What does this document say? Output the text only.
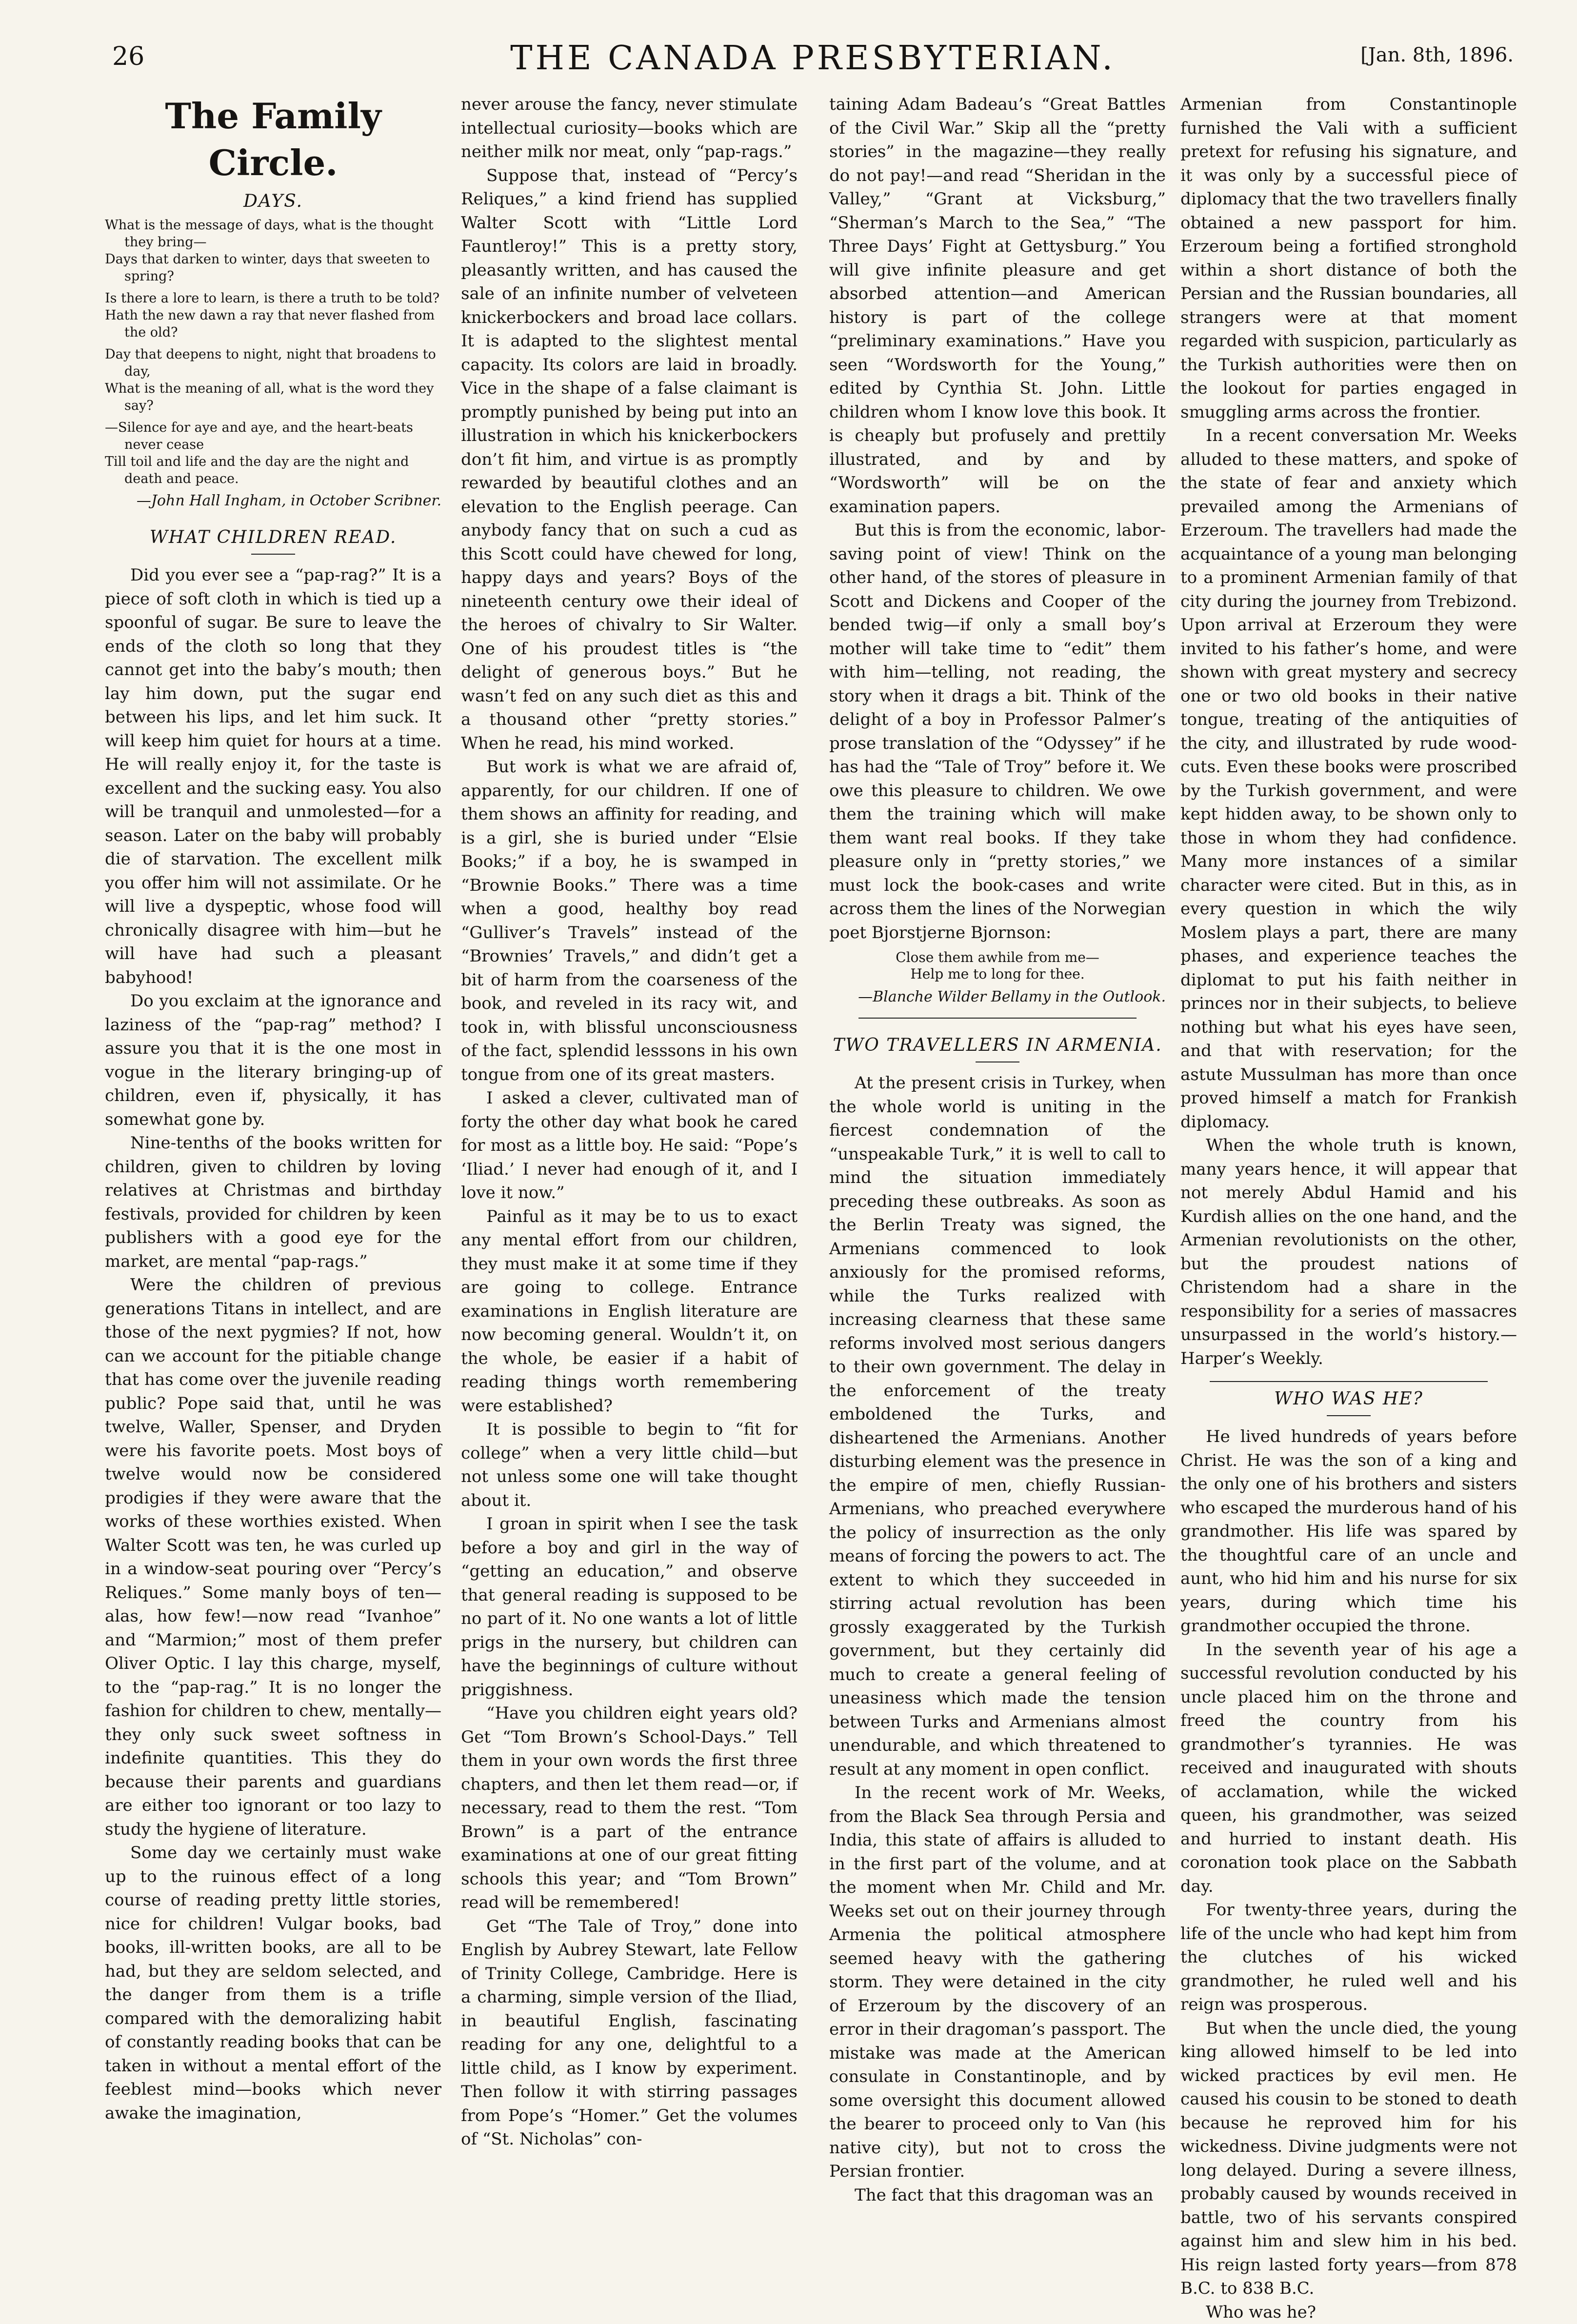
26	THE CANADA PRESBYTERIAN.	[Jan. 8th, 1896.
The Family Circle.
DAYS.
What is the message of days, what is the thought they bring—
Days that darken to winter, days that sweeten to spring?
Is there a lore to learn, is there a truth to be told?
Hath the new dawn a ray that never flashed from the old?
Day that deepens to night, night that broadens to day,
What is the meaning of all, what is the word they say?
—Silence for aye and aye, and the heart-beats never cease
Till toil and life and the day are the night and death and peace.
—John Hall Ingham, in October Scribner.
WHAT CHILDREN READ.

Did you ever see a “pap-rag?” It is a piece of soft cloth in which is tied up a spoonful of sugar. Be sure to leave the ends of the cloth so long that they cannot get into the baby’s mouth; then lay him down, put the sugar end between his lips, and let him suck. It will keep him quiet for hours at a time. He will really enjoy it, for the taste is excellent and the sucking easy. You also will be tranquil and unmolested—for a season. Later on the baby will probably die of starvation. The excellent milk you offer him will not assimilate. Or he will live a dyspeptic, whose food will chronically disagree with him—but he will have had such a pleasant babyhood!

Do you exclaim at the ignorance and laziness of the “pap-rag” method? I assure you that it is the one most in vogue in the literary bringing-up of children, even if, physically, it has somewhat gone by.

Nine-tenths of the books written for children, given to children by loving relatives at Christmas and birthday festivals, provided for children by keen publishers with a good eye for the market, are mental “pap-rags.”

Were the children of previous generations Titans in intellect, and are those of the next pygmies? If not, how can we account for the pitiable change that has come over the juvenile reading public? Pope said that, until he was twelve, Waller, Spenser, and Dryden were his favorite poets. Most boys of twelve would now be considered prodigies if they were aware that the works of these worthies existed. When Walter Scott was ten, he was curled up in a window-seat pouring over “Percy’s Reliques.” Some manly boys of ten—alas, how few!—now read “Ivanhoe” and “Marmion;” most of them prefer Oliver Optic. I lay this charge, myself, to the “pap-rag.” It is no longer the fashion for children to chew, mentally—they only suck sweet softness in indefinite quantities. This they do because their parents and guardians are either too ignorant or too lazy to study the hygiene of literature.

Some day we certainly must wake up to the ruinous effect of a long course of reading pretty little stories, nice for children! Vulgar books, bad books, ill-written books, are all to be had, but they are seldom selected, and the danger from them is a trifle compared with the demoralizing habit of constantly reading books that can be taken in without a mental effort of the feeblest mind—books which never awake the imagination,

never arouse the fancy, never stimulate intellectual curiosity—books which are neither milk nor meat, only “pap-rags.”

Suppose that, instead of “Percy’s Reliques,” a kind friend has supplied Walter Scott with “Little Lord Fauntleroy!” This is a pretty story, pleasantly written, and has caused the sale of an infinite number of velveteen knickerbockers and broad lace collars. It is adapted to the slightest mental capacity. Its colors are laid in broadly. Vice in the shape of a false claimant is promptly punished by being put into an illustration in which his knickerbockers don’t fit him, and virtue is as promptly rewarded by beautiful clothes and an elevation to the English peerage. Can anybody fancy that on such a cud as this Scott could have chewed for long, happy days and years? Boys of the nineteenth century owe their ideal of the heroes of chivalry to Sir Walter. One of his proudest titles is “the delight of generous boys.” But he wasn’t fed on any such diet as this and a thousand other “pretty stories.” When he read, his mind worked.

But work is what we are afraid of, apparently, for our children. If one of them shows an affinity for reading, and is a girl, she is buried under “Elsie Books;” if a boy, he is swamped in “Brownie Books.” There was a time when a good, healthy boy read “Gulliver’s Travels” instead of the “Brownies’ Travels,” and didn’t get a bit of harm from the coarseness of the book, and reveled in its racy wit, and took in, with blissful unconsciousness of the fact, splendid lesssons in his own tongue from one of its great masters.

I asked a clever, cultivated man of forty the other day what book he cared for most as a little boy. He said: “Pope’s ‘Iliad.’ I never had enough of it, and I love it now.”

Painful as it may be to us to exact any mental effort from our children, they must make it at some time if they are going to college. Entrance examinations in English literature are now becoming general. Wouldn’t it, on the whole, be easier if a habit of reading things worth remembering were established?

It is possible to begin to “fit for college” when a very little child—but not unless some one will take thought about it.

I groan in spirit when I see the task before a boy and girl in the way of “getting an education,” and observe that general reading is supposed to be no part of it. No one wants a lot of little prigs in the nursery, but children can have the beginnings of culture without priggishness.

“Have you children eight years old? Get “Tom Brown’s School-Days.” Tell them in your own words the first three chapters, and then let them read—or, if necessary, read to them the rest. “Tom Brown” is a part of the entrance examinations at one of our great fitting schools this year; and “Tom Brown” read will be remembered!

Get “The Tale of Troy,” done into English by Aubrey Stewart, late Fellow of Trinity College, Cambridge. Here is a charming, simple version of the Iliad, in beautiful English, fascinating reading for any one, delightful to a little child, as I know by experiment. Then follow it with stirring passages from Pope’s “Homer.” Get the volumes of “St. Nicholas” con-

taining Adam Badeau’s “Great Battles of the Civil War.” Skip all the “pretty stories” in the magazine—they really do not pay!—and read “Sheridan in the Valley,” “Grant at Vicksburg,” “Sherman’s March to the Sea,” “The Three Days’ Fight at Gettysburg.” You will give infinite pleasure and get absorbed attention—and American history is part of the college “preliminary examinations.” Have you seen “Wordsworth for the Young,” edited by Cynthia St. John. Little children whom I know love this book. It is cheaply but profusely and prettily illustrated, and by and by “Wordsworth” will be on the examination papers.

But this is from the economic, labor-saving point of view! Think on the other hand, of the stores of pleasure in Scott and Dickens and Cooper of the bended twig—if only a small boy’s mother will take time to “edit” them with him—telling, not reading, the story when it drags a bit. Think of the delight of a boy in Professor Palmer’s prose translation of the “Odyssey” if he has had the “Tale of Troy” before it. We owe this pleasure to children. We owe them the training which will make them want real books. If they take pleasure only in “pretty stories,” we must lock the book-cases and write across them the lines of the Norwegian poet Bjorstjerne Bjornson:

Close them awhile from me—
Help me to long for thee.
—Blanche Wilder Bellamy in the Outlook.
TWO TRAVELLERS IN ARMENIA.

At the present crisis in Turkey, when the whole world is uniting in the fiercest condemnation of the “unspeakable Turk,” it is well to call to mind the situation immediately preceding these outbreaks. As soon as the Berlin Treaty was signed, the Armenians commenced to look anxiously for the promised reforms, while the Turks realized with increasing clearness that these same reforms involved most serious dangers to their own government. The delay in the enforcement of the treaty emboldened the Turks, and disheartened the Armenians. Another disturbing element was the presence in the empire of men, chiefly Russian-Armenians, who preached everywhere the policy of insurrection as the only means of forcing the powers to act. The extent to which they succeeded in stirring actual revolution has been grossly exaggerated by the Turkish government, but they certainly did much to create a general feeling of uneasiness which made the tension between Turks and Armenians almost unendurable, and which threatened to result at any moment in open conflict.

In the recent work of Mr. Weeks, from the Black Sea through Persia and India, this state of affairs is alluded to in the first part of the volume, and at the moment when Mr. Child and Mr. Weeks set out on their journey through Armenia the political atmosphere seemed heavy with the gathering storm. They were detained in the city of Erzeroum by the discovery of an error in their dragoman’s passport. The mistake was made at the American consulate in Constantinople, and by some oversight this document allowed the bearer to proceed only to Van (his native city), but not to cross the Persian frontier.

The fact that this dragoman was an

Armenian from Constantinople furnished the Vali with a sufficient pretext for refusing his signature, and it was only by a successful piece of diplomacy that the two travellers finally obtained a new passport for him. Erzeroum being a fortified stronghold within a short distance of both the Persian and the Russian boundaries, all strangers were at that moment regarded with suspicion, particularly as the Turkish authorities were then on the lookout for parties engaged in smuggling arms across the frontier.

In a recent conversation Mr. Weeks alluded to these matters, and spoke of the state of fear and anxiety which prevailed among the Armenians of Erzeroum. The travellers had made the acquaintance of a young man belonging to a prominent Armenian family of that city during the journey from Trebizond. Upon arrival at Erzeroum they were invited to his father’s home, and were shown with great mystery and secrecy one or two old books in their native tongue, treating of the antiquities of the city, and illustrated by rude wood-cuts. Even these books were proscribed by the Turkish government, and were kept hidden away, to be shown only to those in whom they had confidence. Many more instances of a similar character were cited. But in this, as in every question in which the wily Moslem plays a part, there are many phases, and experience teaches the diplomat to put his faith neither in princes nor in their subjects, to believe nothing but what his eyes have seen, and that with reservation; for the astute Mussulman has more than once proved himself a match for Frankish diplomacy.

When the whole truth is known, many years hence, it will appear that not merely Abdul Hamid and his Kurdish allies on the one hand, and the Armenian revolutionists on the other, but the proudest nations of Christendom had a share in the responsibility for a series of massacres unsurpassed in the world’s history.—Harper’s Weekly.

WHO WAS HE?

He lived hundreds of years before Christ. He was the son of a king and the only one of his brothers and sisters who escaped the murderous hand of his grandmother. His life was spared by the thoughtful care of an uncle and aunt, who hid him and his nurse for six years, during which time his grandmother occupied the throne.

In the seventh year of his age a successful revolution conducted by his uncle placed him on the throne and freed the country from his grandmother’s tyrannies. He was received and inaugurated with shouts of acclamation, while the wicked queen, his grandmother, was seized and hurried to instant death. His coronation took place on the Sabbath day.

For twenty-three years, during the life of the uncle who had kept him from the clutches of his wicked grandmother, he ruled well and his reign was prosperous.

But when the uncle died, the young king allowed himself to be led into wicked practices by evil men. He caused his cousin to be stoned to death because he reproved him for his wickedness. Divine judgments were not long delayed. During a severe illness, probably caused by wounds received in battle, two of his servants conspired against him and slew him in his bed. His reign lasted forty years—from 878 B.C. to 838 B.C.

Who was he?
